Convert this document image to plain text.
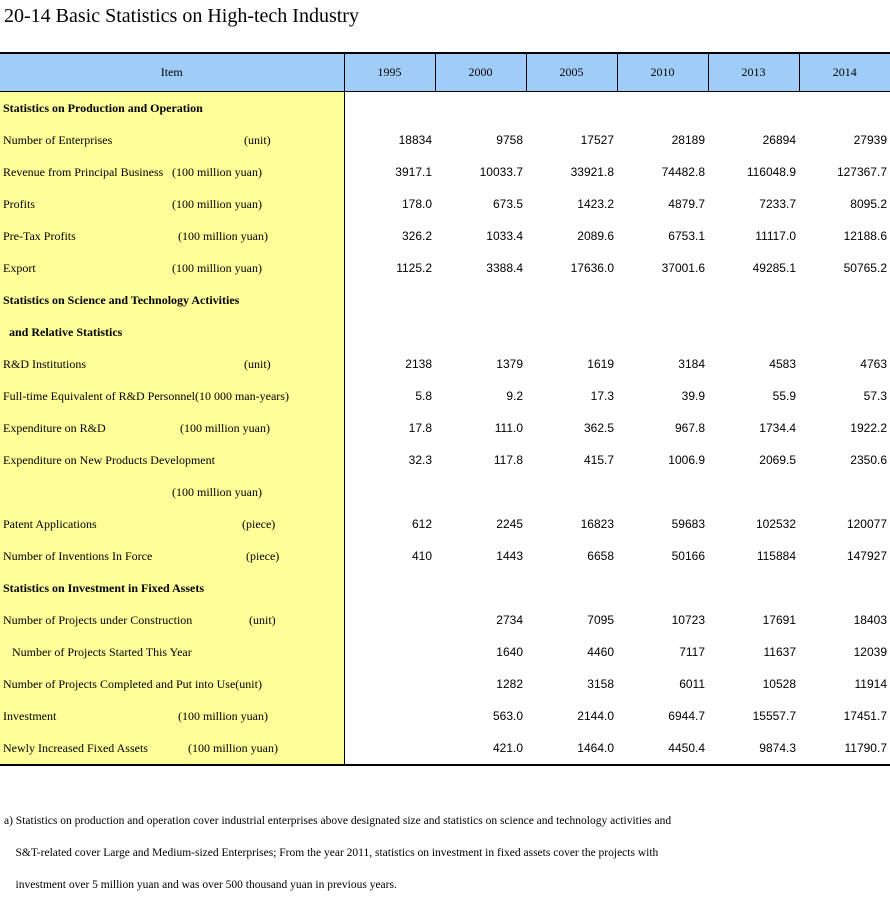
20-14 Basic Statistics on High-tech Industry
Item	1995	2000	2005	2010	2013	2014
Statistics on Production and Operation						
Number of Enterprises (unit)	18834	9758	17527	28189	26894	27939
Revenue from Principal Business (100 million yuan)	3917.1	10033.7	33921.8	74482.8	116048.9	127367.7
Profits (100 million yuan)	178.0	673.5	1423.2	4879.7	7233.7	8095.2
Pre-Tax Profits (100 million yuan)	326.2	1033.4	2089.6	6753.1	11117.0	12188.6
Export (100 million yuan)	1125.2	3388.4	17636.0	37001.6	49285.1	50765.2
Statistics on Science and Technology Activities						
and Relative Statistics						
R&D Institutions (unit)	2138	1379	1619	3184	4583	4763
Full-time Equivalent of R&D Personnel(10 000 man-years)	5.8	9.2	17.3	39.9	55.9	57.3
Expenditure on R&D (100 million yuan)	17.8	111.0	362.5	967.8	1734.4	1922.2
Expenditure on New Products Development	32.3	117.8	415.7	1006.9	2069.5	2350.6

(100 million yuan)						

Patent Applications (piece)	612	2245	16823	59683	102532	120077
Number of Inventions In Force (piece)	410	1443	6658	50166	115884	147927
Statistics on Investment in Fixed Assets						
Number of Projects under Construction (unit)		2734	7095	10723	17691	18403
Number of Projects Started This Year		1640	4460	7117	11637	12039
Number of Projects Completed and Put into Use(unit)		1282	3158	6011	10528	11914
Investment (100 million yuan)		563.0	2144.0	6944.7	15557.7	17451.7
Newly Increased Fixed Assets (100 million yuan)		421.0	1464.0	4450.4	9874.3	11790.7
a) Statistics on production and operation cover industrial enterprises above designated size and statistics on science and technology activities and
S&T-related cover Large and Medium-sized Enterprises; From the year 2011, statistics on investment in fixed assets cover the projects with
investment over 5 million yuan and was over 500 thousand yuan in previous years.
